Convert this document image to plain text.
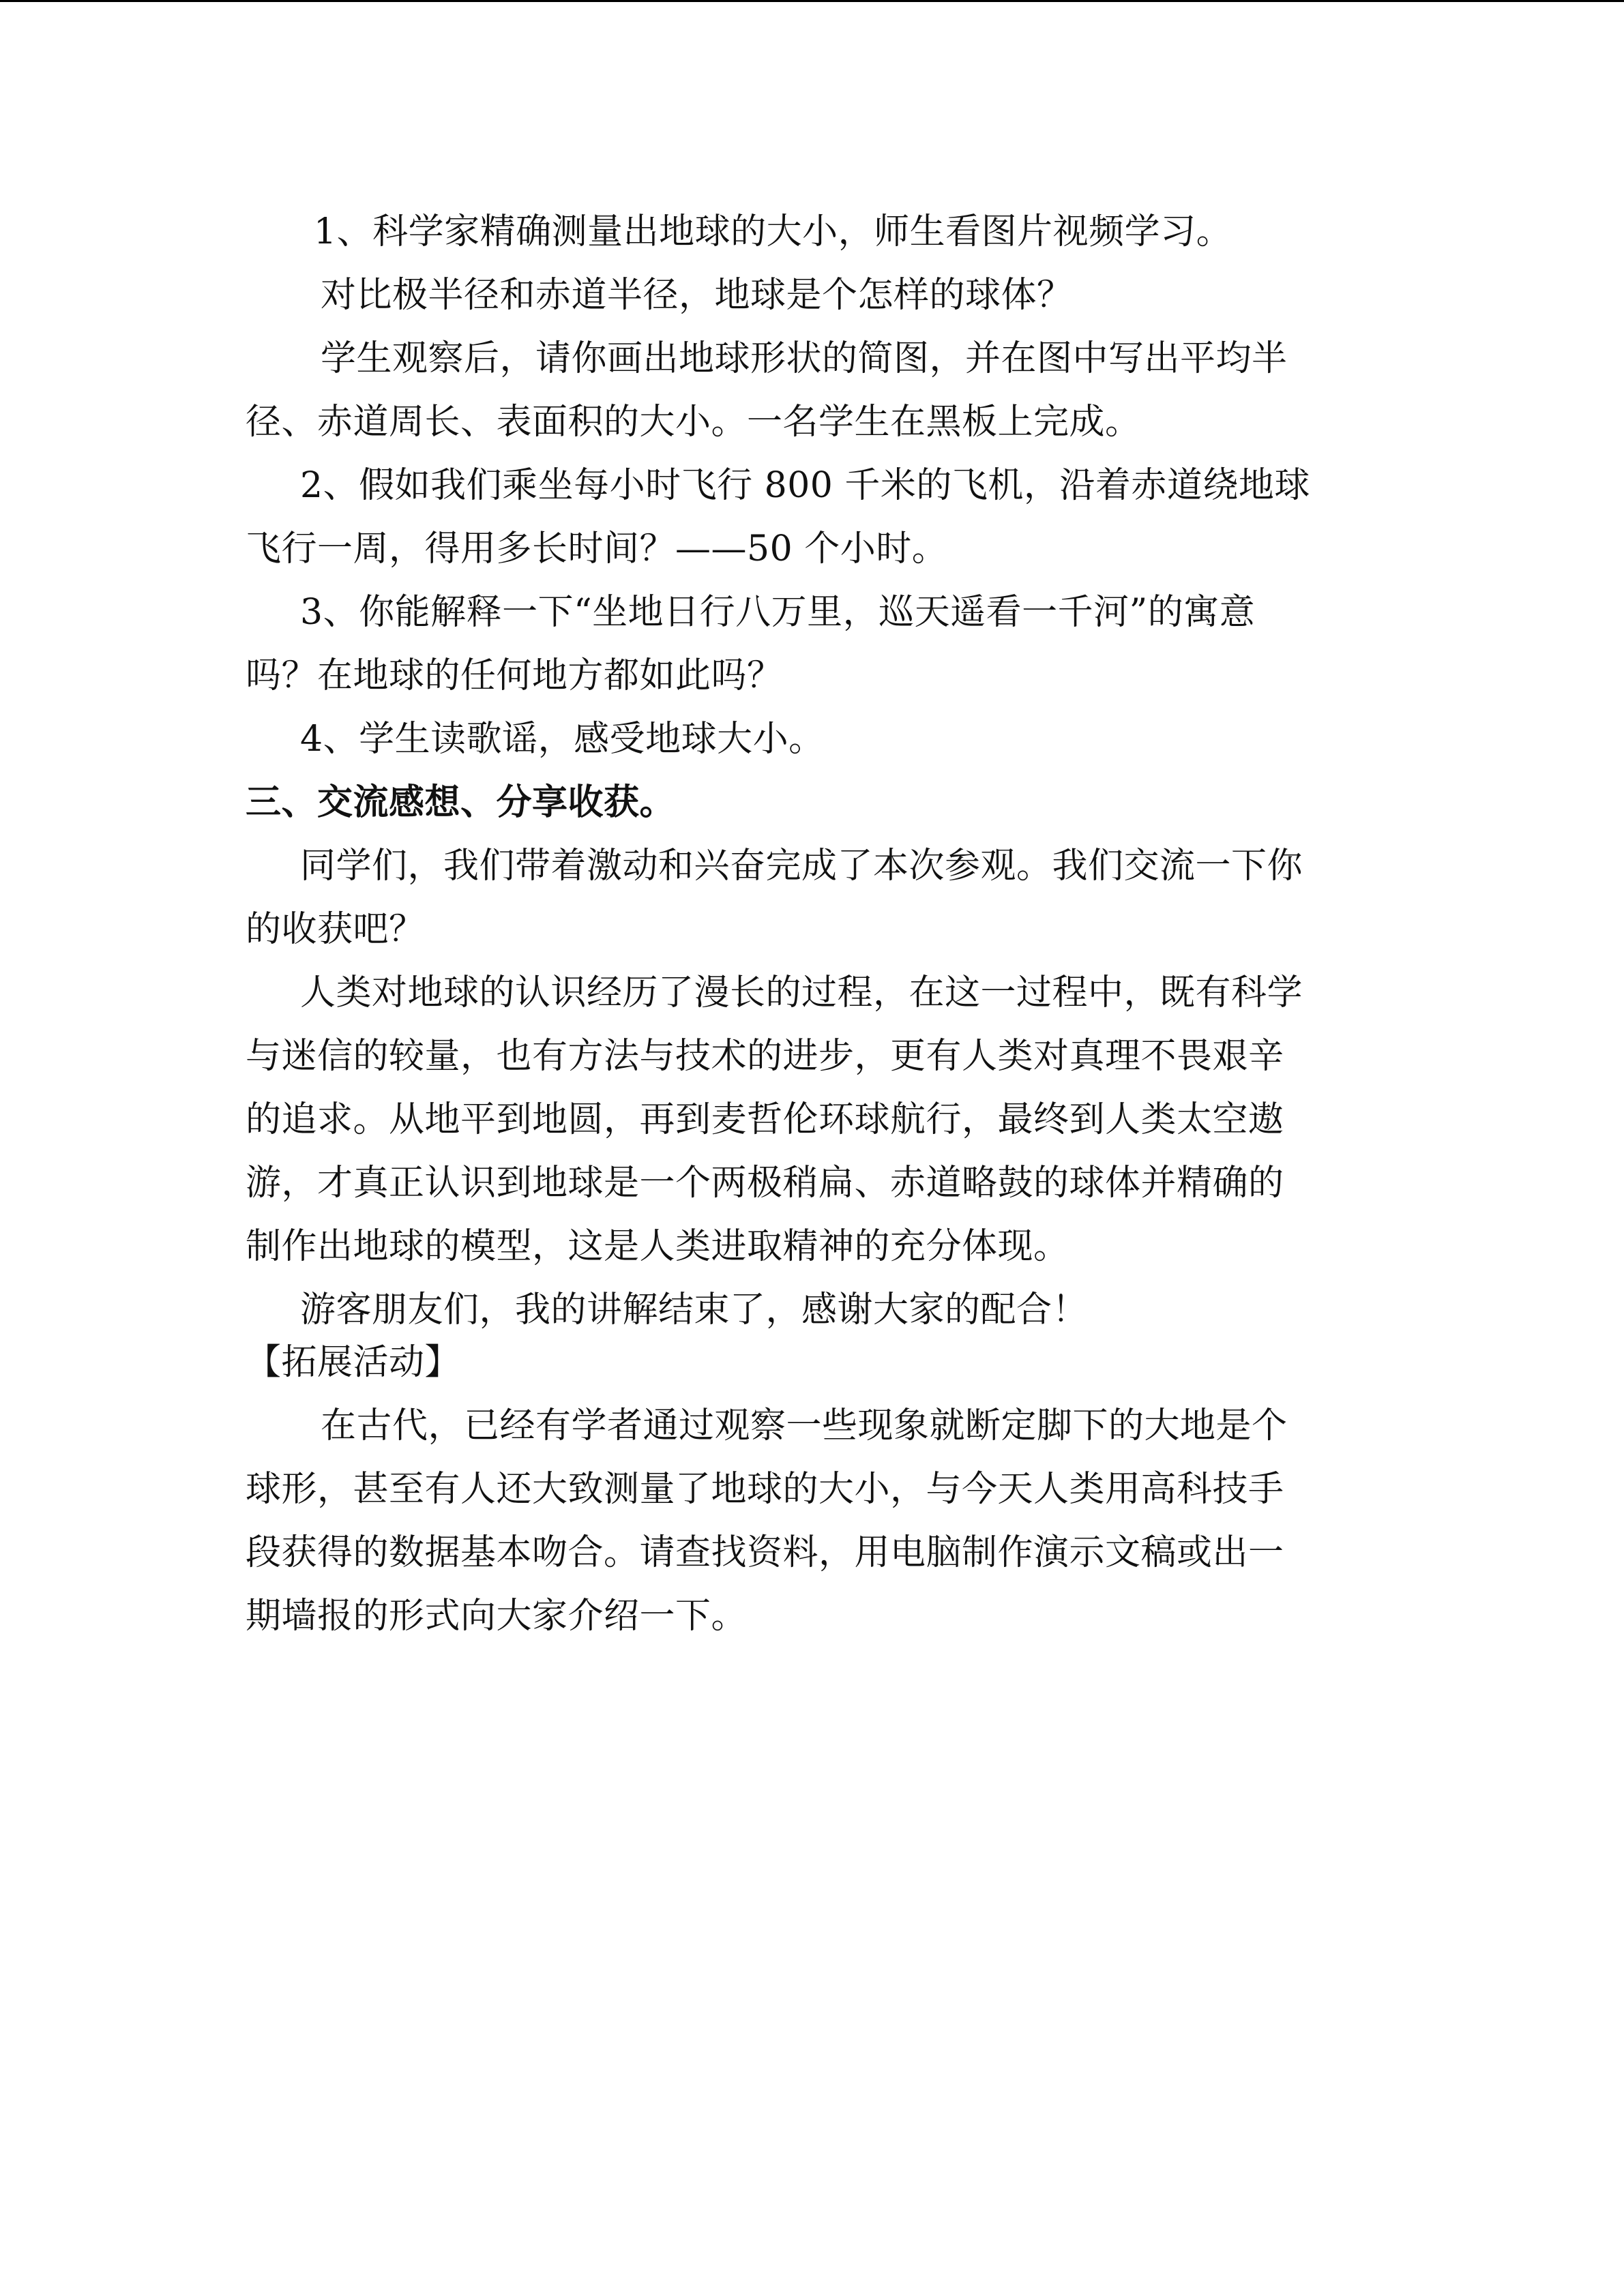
1、科学家精确测量出地球的大小，师生看图片视频学习。
对比极半径和赤道半径，地球是个怎样的球体？
学生观察后，请你画出地球形状的简图，并在图中写出平均半
径、赤道周长、表面积的大小。一名学生在黑板上完成。
2、假如我们乘坐每小时飞行 800 千米的飞机，沿着赤道绕地球
飞行一周，得用多长时间？——50 个小时。
3、你能解释一下“坐地日行八万里，巡天遥看一千河”的寓意
吗？在地球的任何地方都如此吗？
4、学生读歌谣，感受地球大小。
三、交流感想、分享收获。
同学们，我们带着激动和兴奋完成了本次参观。我们交流一下你
的收获吧？
人类对地球的认识经历了漫长的过程，在这一过程中，既有科学
与迷信的较量，也有方法与技术的进步，更有人类对真理不畏艰辛
的追求。从地平到地圆，再到麦哲伦环球航行，最终到人类太空遨
游，才真正认识到地球是一个两极稍扁、赤道略鼓的球体并精确的
制作出地球的模型，这是人类进取精神的充分体现。
游客朋友们，我的讲解结束了，感谢大家的配合！
【拓展活动】
在古代，已经有学者通过观察一些现象就断定脚下的大地是个
球形，甚至有人还大致测量了地球的大小，与今天人类用高科技手
段获得的数据基本吻合。请查找资料，用电脑制作演示文稿或出一
期墙报的形式向大家介绍一下。
